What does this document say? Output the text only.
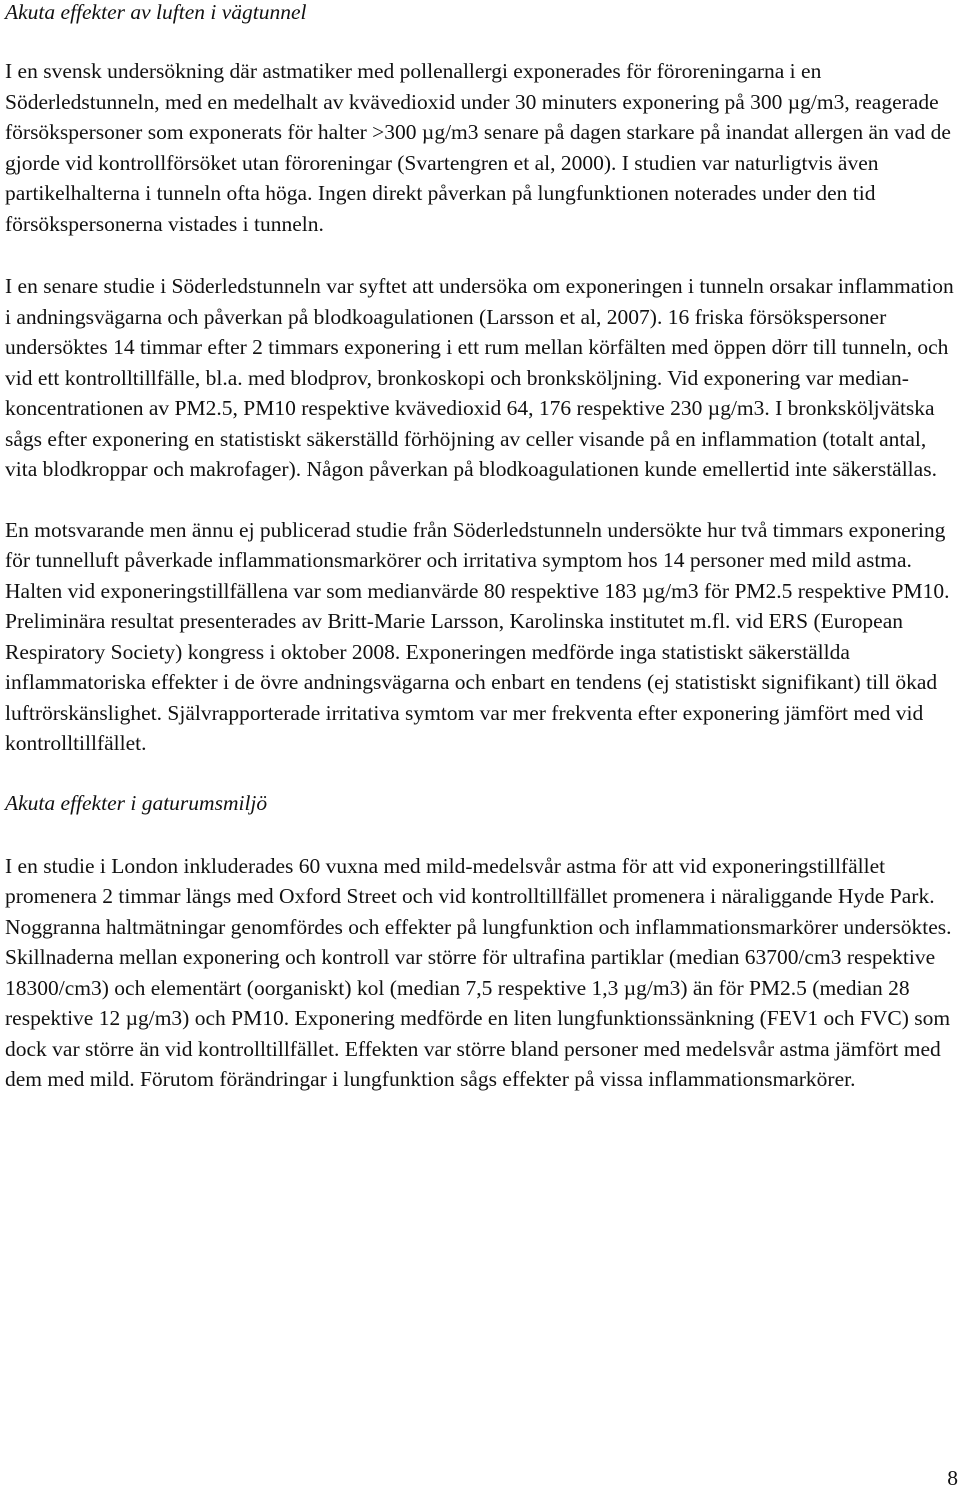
Akuta effekter av luften i vägtunnel

I en svensk undersökning där astmatiker med pollenallergi exponerades för föroreningarna i en Söderledstunneln, med en medelhalt av kvävedioxid under 30 minuters exponering på 300 µg/m3, reagerade försökspersoner som exponerats för halter >300 µg/m3 senare på dagen starkare på inandat allergen än vad de gjorde vid kontrollförsöket utan föroreningar (Svartengren et al, 2000). I studien var naturligtvis även partikelhalterna i tunneln ofta höga. Ingen direkt påverkan på lungfunktionen noterades under den tid försökspersonerna vistades i tunneln.

I en senare studie i Söderledstunneln var syftet att undersöka om exponeringen i tunneln orsakar inflammation i andningsvägarna och påverkan på blodkoagulationen (Larsson et al, 2007). 16 friska försökspersoner undersöktes 14 timmar efter 2 timmars exponering i ett rum mellan körfälten med öppen dörr till tunneln, och vid ett kontrolltillfälle, bl.a. med blodprov, bronkoskopi och bronksköljning. Vid exponering var median-koncentrationen av PM2.5, PM10 respektive kvävedioxid 64, 176 respektive 230 µg/m3. I bronksköljvätska sågs efter exponering en statistiskt säkerställd förhöjning av celler visande på en inflammation (totalt antal, vita blodkroppar och makrofager). Någon påverkan på blodkoagulationen kunde emellertid inte säkerställas.

En motsvarande men ännu ej publicerad studie från Söderledstunneln undersökte hur två timmars exponering för tunnelluft påverkade inflammationsmarkörer och irritativa symptom hos 14 personer med mild astma. Halten vid exponeringstillfällena var som medianvärde 80 respektive 183 µg/m3 för PM2.5 respektive PM10. Preliminära resultat presenterades av Britt-Marie Larsson, Karolinska institutet m.fl. vid ERS (European Respiratory Society) kongress i oktober 2008. Exponeringen medförde inga statistiskt säkerställda inflammatoriska effekter i de övre andningsvägarna och enbart en tendens (ej statistiskt signifikant) till ökad luftrörskänslighet. Självrapporterade irritativa symtom var mer frekventa efter exponering jämfört med vid kontrolltillfället.

Akuta effekter i gaturumsmiljö

I en studie i London inkluderades 60 vuxna med mild-medelsvår astma för att vid exponeringstillfället promenera 2 timmar längs med Oxford Street och vid kontrolltillfället promenera i näraliggande Hyde Park. Noggranna haltmätningar genomfördes och effekter på lungfunktion och inflammationsmarkörer undersöktes. Skillnaderna mellan exponering och kontroll var större för ultrafina partiklar (median 63700/cm3 respektive 18300/cm3) och elementärt (oorganiskt) kol (median 7,5 respektive 1,3 µg/m3) än för PM2.5 (median 28 respektive 12 µg/m3) och PM10. Exponering medförde en liten lungfunktionssänkning (FEV1 och FVC) som dock var större än vid kontrolltillfället. Effekten var större bland personer med medelsvår astma jämfört med dem med mild. Förutom förändringar i lungfunktion sågs effekter på vissa inflammationsmarkörer.

8
